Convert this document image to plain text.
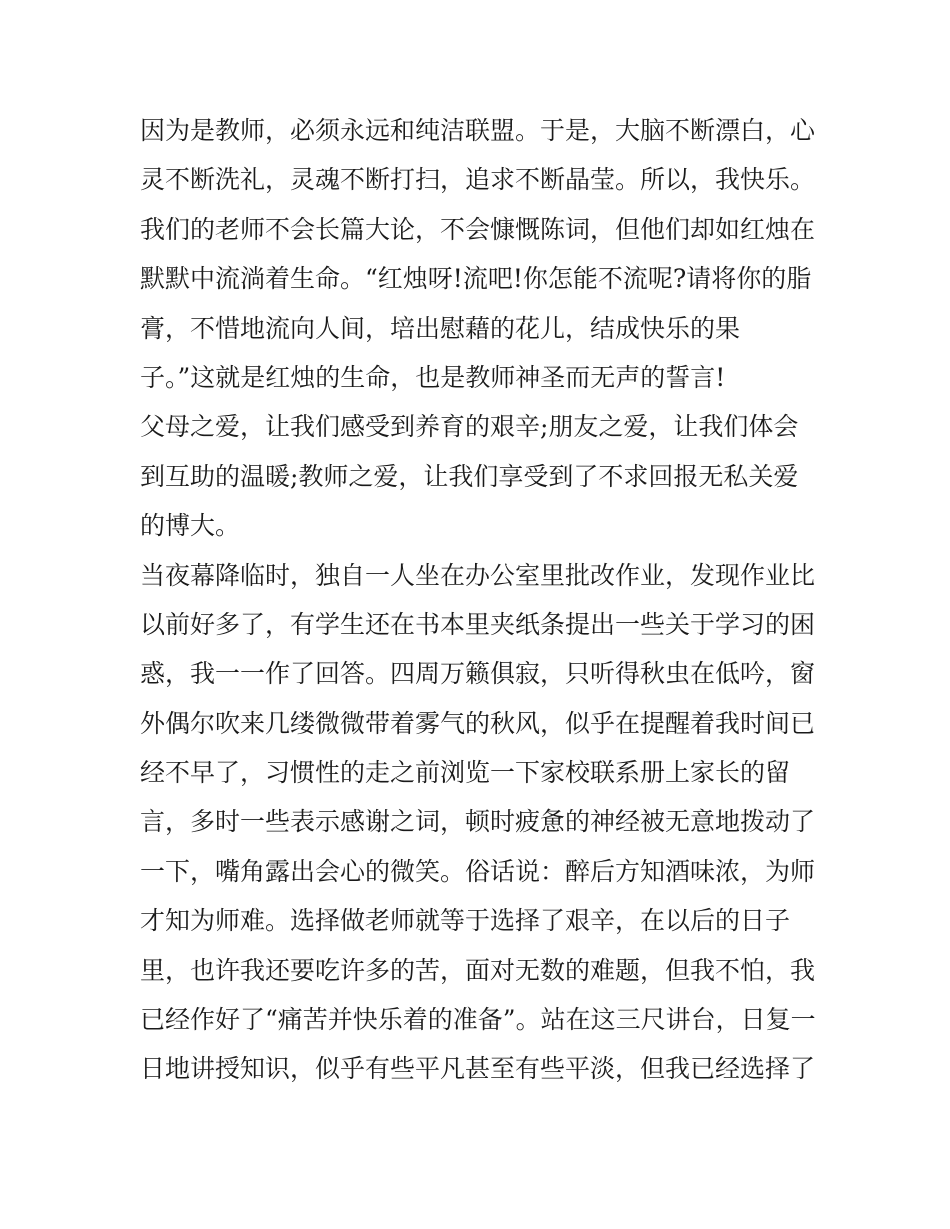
因为是教师，必须永远和纯洁联盟。于是，大脑不断漂白，心
灵不断洗礼，灵魂不断打扫，追求不断晶莹。所以，我快乐。
我们的老师不会长篇大论，不会慷慨陈词，但他们却如红烛在
默默中流淌着生命。“红烛呀!流吧!你怎能不流呢?请将你的脂
膏，不惜地流向人间，培出慰藉的花儿，结成快乐的果
子。”这就是红烛的生命，也是教师神圣而无声的誓言!
父母之爱，让我们感受到养育的艰辛;朋友之爱，让我们体会
到互助的温暖;教师之爱，让我们享受到了不求回报无私关爱
的博大。
当夜幕降临时，独自一人坐在办公室里批改作业，发现作业比
以前好多了，有学生还在书本里夹纸条提出一些关于学习的困
惑，我一一作了回答。四周万籁俱寂，只听得秋虫在低吟，窗
外偶尔吹来几缕微微带着雾气的秋风，似乎在提醒着我时间已
经不早了，习惯性的走之前浏览一下家校联系册上家长的留
言，多时一些表示感谢之词，顿时疲惫的神经被无意地拨动了
一下，嘴角露出会心的微笑。俗话说：醉后方知酒味浓，为师
才知为师难。选择做老师就等于选择了艰辛，在以后的日子
里，也许我还要吃许多的苦，面对无数的难题，但我不怕，我
已经作好了“痛苦并快乐着的准备”。站在这三尺讲台，日复一
日地讲授知识，似乎有些平凡甚至有些平淡，但我已经选择了
